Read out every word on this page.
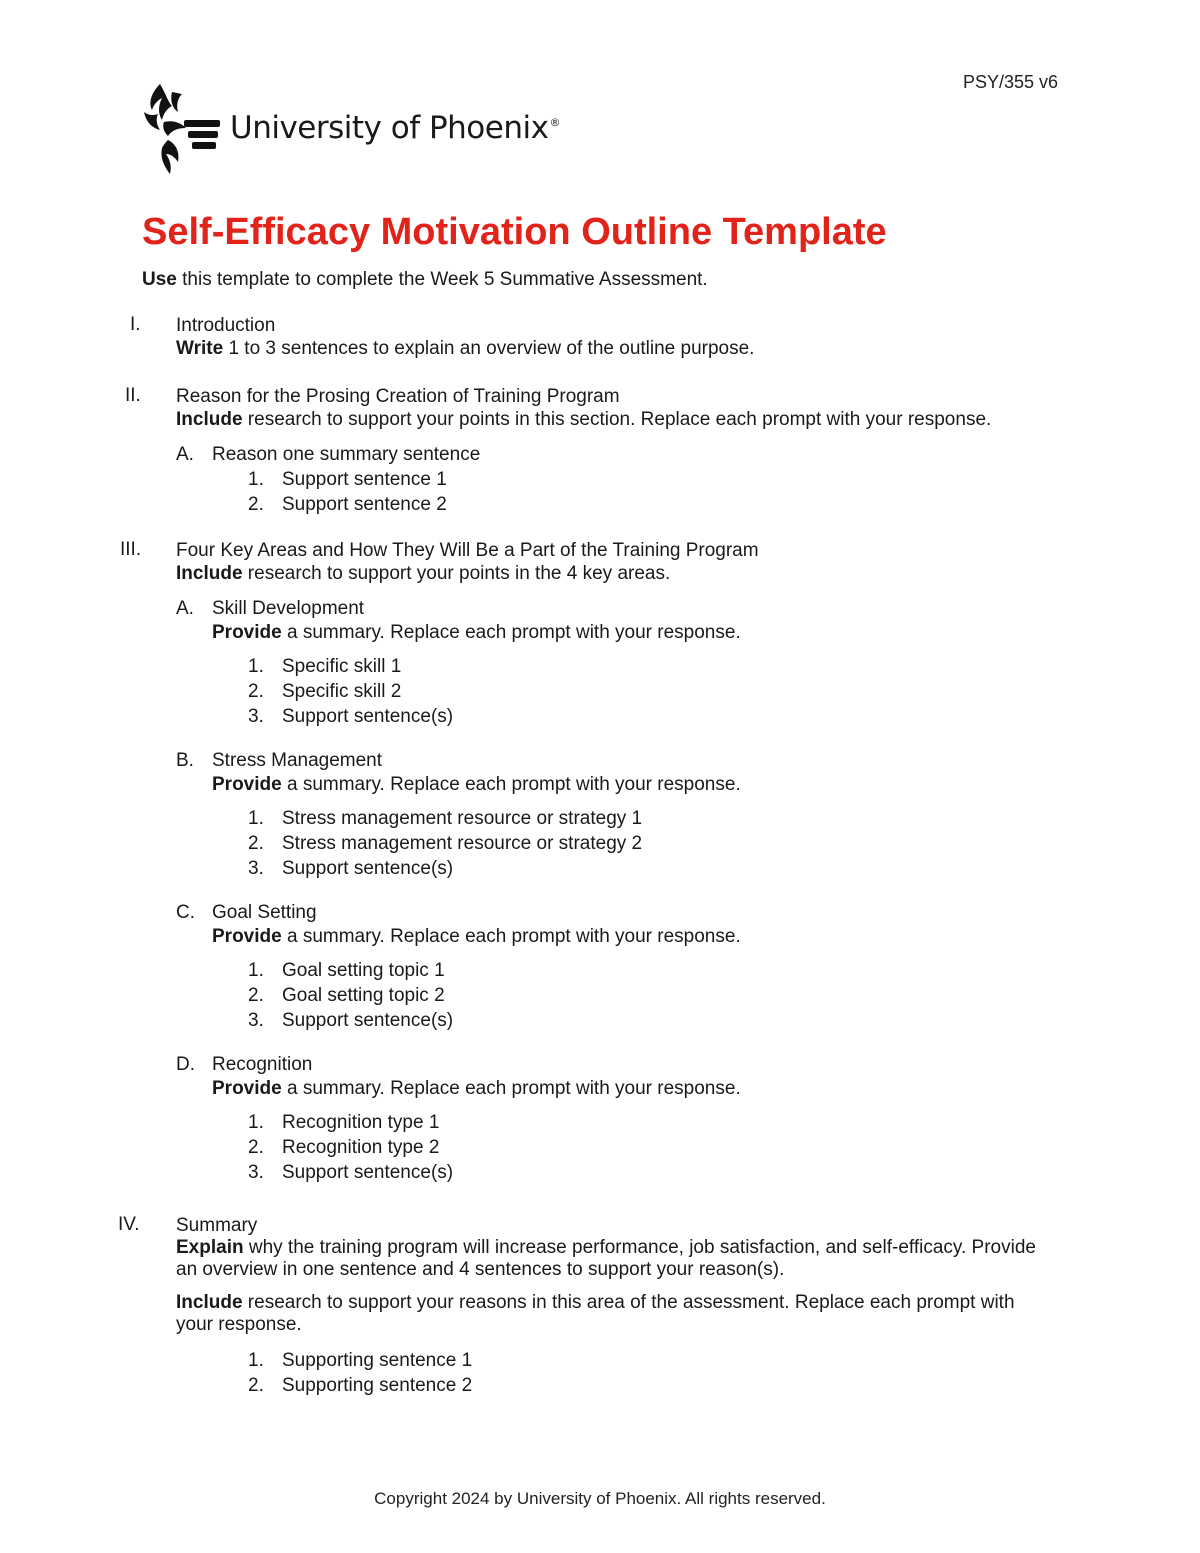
PSY/355 v6
University of Phoenix®
Self-Efficacy Motivation Outline Template
Use this template to complete the Week 5 Summative Assessment.
I.	Introduction
Write 1 to 3 sentences to explain an overview of the outline purpose.
II.	Reason for the Prosing Creation of Training Program
Include research to support your points in this section. Replace each prompt with your response.
A. Reason one summary sentence
1. Support sentence 1
2. Support sentence 2
III.	Four Key Areas and How They Will Be a Part of the Training Program
Include research to support your points in the 4 key areas.
A. Skill Development
Provide a summary. Replace each prompt with your response.
1. Specific skill 1
2. Specific skill 2
3. Support sentence(s)
B. Stress Management
Provide a summary. Replace each prompt with your response.
1. Stress management resource or strategy 1
2. Stress management resource or strategy 2
3. Support sentence(s)
C. Goal Setting
Provide a summary. Replace each prompt with your response.
1. Goal setting topic 1
2. Goal setting topic 2
3. Support sentence(s)
D. Recognition
Provide a summary. Replace each prompt with your response.
1. Recognition type 1
2. Recognition type 2
3. Support sentence(s)
IV.	Summary
Explain why the training program will increase performance, job satisfaction, and self-efficacy. Provide an overview in one sentence and 4 sentences to support your reason(s).
Include research to support your reasons in this area of the assessment. Replace each prompt with your response.
1. Supporting sentence 1
2. Supporting sentence 2
Copyright 2024 by University of Phoenix. All rights reserved.
